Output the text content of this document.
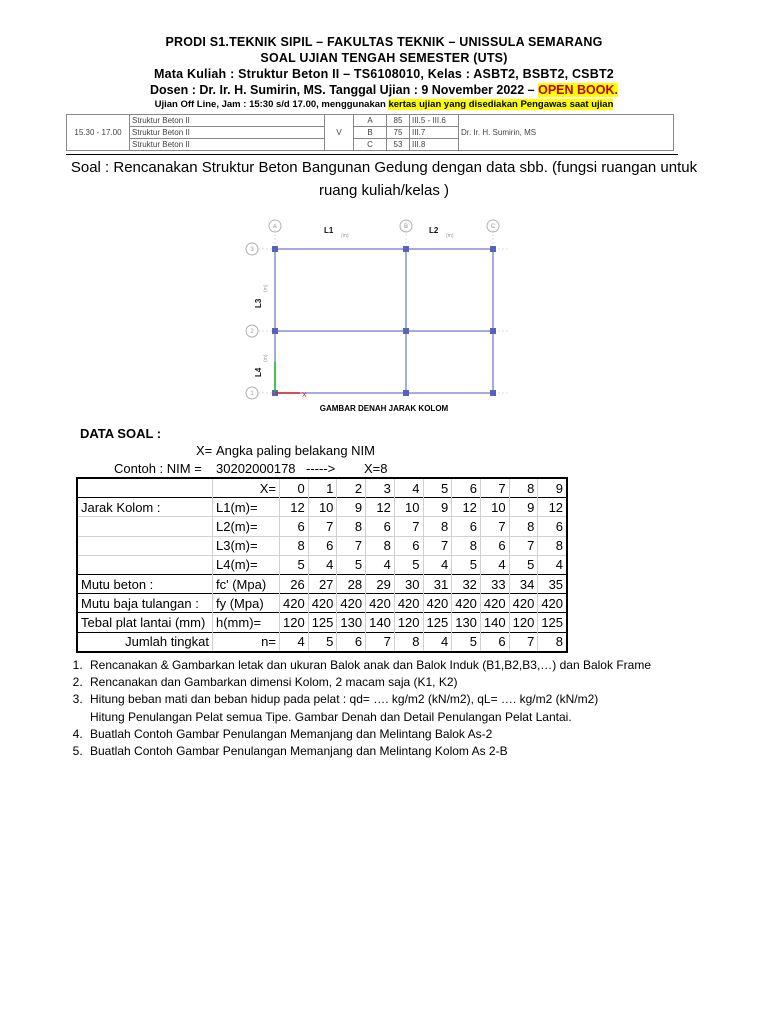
PRODI S1.TEKNIK SIPIL – FAKULTAS TEKNIK – UNISSULA SEMARANG
SOAL UJIAN TENGAH SEMESTER (UTS)
Mata Kuliah : Struktur Beton II – TS6108010, Kelas : ASBT2, BSBT2, CSBT2
Dosen : Dr. Ir. H. Sumirin, MS. Tanggal Ujian : 9 November 2022 – OPEN BOOK.
Ujian Off Line, Jam : 15:30 s/d 17.00, menggunakan kertas ujian yang disediakan Pengawas saat ujian
15.30 - 17.00	Struktur Beton II	V	A	85	III.5 - III.6	Dr. Ir. H. Sumirin, MS
	Struktur Beton II		B	75	III.7	
	Struktur Beton II		C	53	III.8	
Soal : Rencanakan Struktur Beton Bangunan Gedung dengan data sbb. (fungsi ruangan untuk ruang kuliah/kelas )
A	B	C
3
2
1
L1
(m)
L2
(m)
L3
(m)
L4
(m)
X
GAMBAR DENAH JARAK KOLOM
DATA SOAL :
X= Angka paling belakang NIM
Contoh : NIM = 30202000178 -----> X=8
	X=	0	1	2	3	4	5	6	7	8	9
Jarak Kolom :	L1(m)=	12	10	9	12	10	9	12	10	9	12
	L2(m)=	6	7	8	6	7	8	6	7	8	6
	L3(m)=	8	6	7	8	6	7	8	6	7	8
	L4(m)=	5	4	5	4	5	4	5	4	5	4
Mutu beton :	fc' (Mpa)	26	27	28	29	30	31	32	33	34	35
Mutu baja tulangan :	fy (Mpa)	420	420	420	420	420	420	420	420	420	420
Tebal plat lantai (mm)	h(mm)=	120	125	130	140	120	125	130	140	120	125
Jumlah tingkat	n=	4	5	6	7	8	4	5	6	7	8
1. Rencanakan & Gambarkan letak dan ukuran Balok anak dan Balok Induk (B1,B2,B3,…) dan Balok Frame
2. Rencanakan dan Gambarkan dimensi Kolom, 2 macam saja (K1, K2)
3. Hitung beban mati dan beban hidup pada pelat : qd= …. kg/m2 (kN/m2), qL= …. kg/m2 (kN/m2)
Hitung Penulangan Pelat semua Tipe. Gambar Denah dan Detail Penulangan Pelat Lantai.
4. Buatlah Contoh Gambar Penulangan Memanjang dan Melintang Balok As-2
5. Buatlah Contoh Gambar Penulangan Memanjang dan Melintang Kolom As 2-B
